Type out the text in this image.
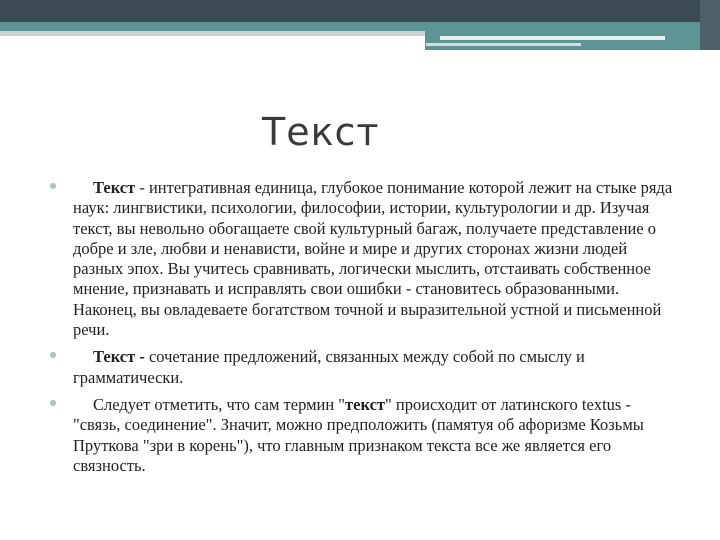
Текст
Текст - интегративная единица, глубокое понимание которой лежит на стыке ряда наук: лингвистики, психологии, философии, истории, культурологии и др. Изучая текст, вы невольно обогащаете свой культурный багаж, получаете представление о добре и зле, любви и ненависти, войне и мире и других сторонах жизни людей разных эпох. Вы учитесь сравнивать, логически мыслить, отстаивать собственное мнение, признавать и исправлять свои ошибки - становитесь образованными. Наконец, вы овладеваете богатством точной и выразительной устной и письменной речи.
Текст - сочетание предложений, связанных между собой по смыслу и грамматически.
Следует отметить, что сам термин "текст" происходит от латинского textus - "связь, соединение". Значит, можно предположить (памятуя об афоризме Козьмы Пруткова "зри в корень"), что главным признаком текста все же является его связность.
